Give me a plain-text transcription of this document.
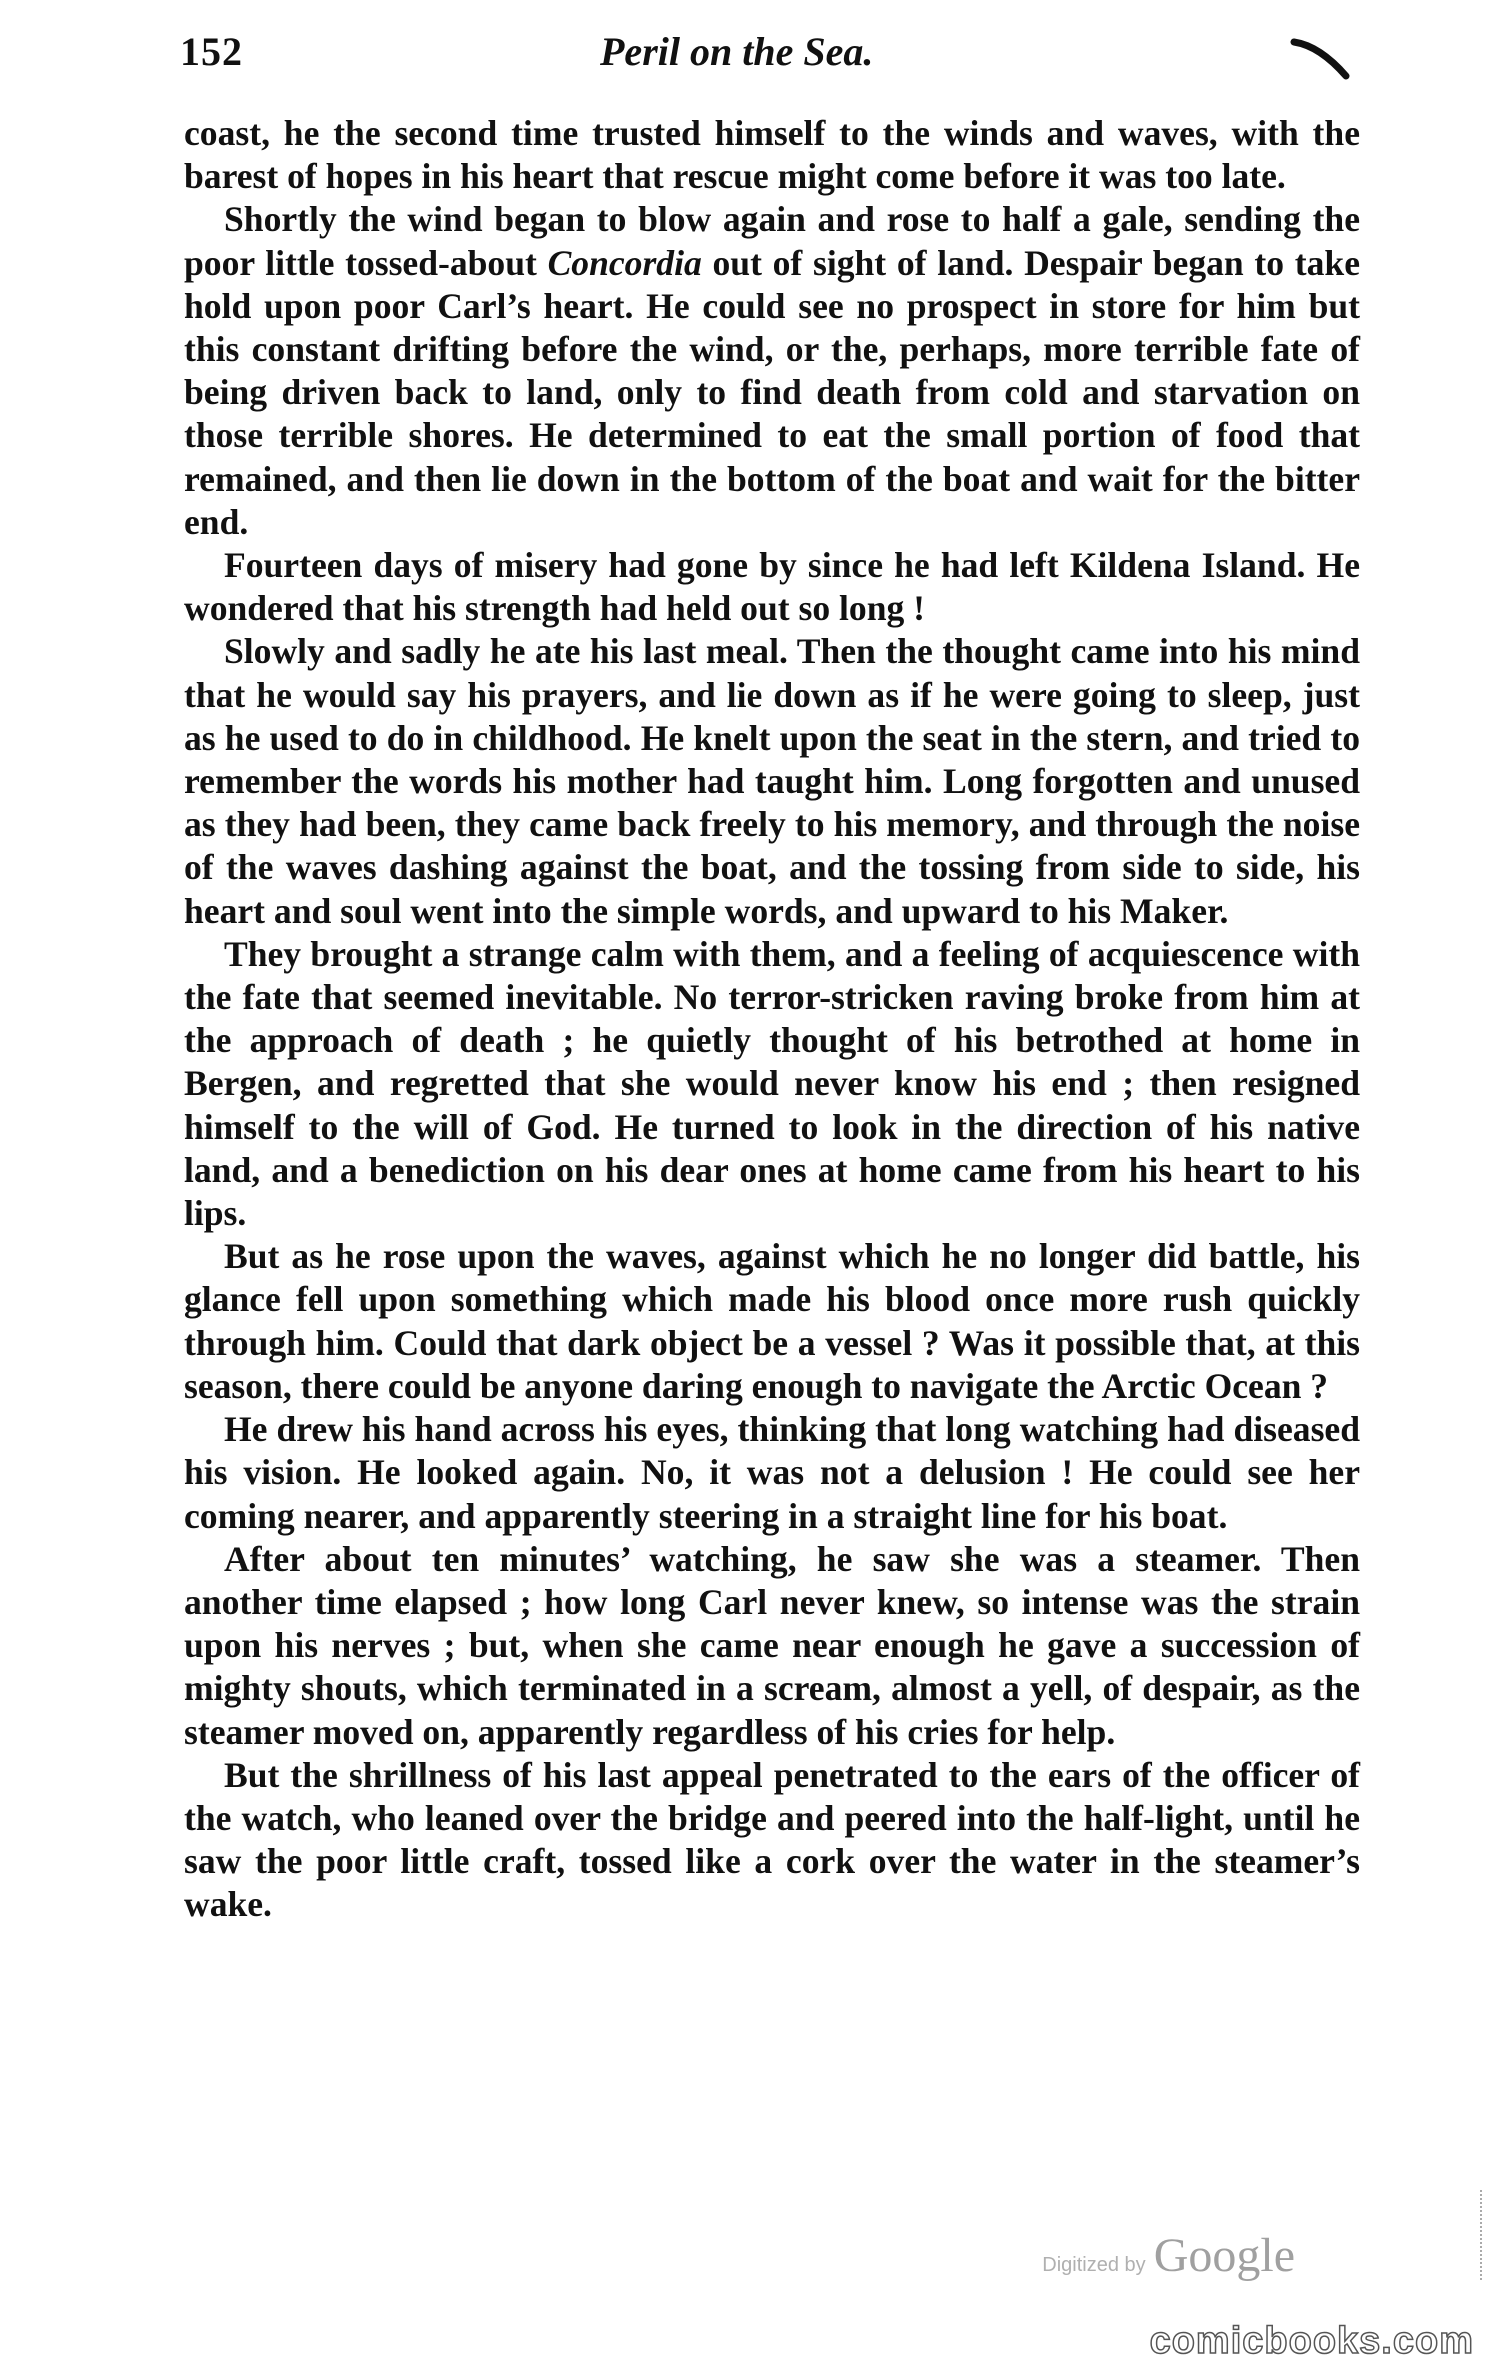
152	Peril on the Sea.

coast, he the second time trusted himself to the winds and waves, with the barest of hopes in his heart that rescue might come before it was too late.

Shortly the wind began to blow again and rose to half a gale, sending the poor little tossed-about Concordia out of sight of land. Despair began to take hold upon poor Carl’s heart. He could see no prospect in store for him but this constant drifting before the wind, or the, perhaps, more terrible fate of being driven back to land, only to find death from cold and starvation on those terrible shores. He determined to eat the small portion of food that remained, and then lie down in the bottom of the boat and wait for the bitter end.

Fourteen days of misery had gone by since he had left Kildena Island. He wondered that his strength had held out so long !

Slowly and sadly he ate his last meal. Then the thought came into his mind that he would say his prayers, and lie down as if he were going to sleep, just as he used to do in childhood. He knelt upon the seat in the stern, and tried to remember the words his mother had taught him. Long forgotten and unused as they had been, they came back freely to his memory, and through the noise of the waves dashing against the boat, and the tossing from side to side, his heart and soul went into the simple words, and upward to his Maker.

They brought a strange calm with them, and a feeling of acquiescence with the fate that seemed inevitable. No terror-stricken raving broke from him at the approach of death ; he quietly thought of his betrothed at home in Bergen, and regretted that she would never know his end ; then resigned himself to the will of God. He turned to look in the direction of his native land, and a benediction on his dear ones at home came from his heart to his lips.

But as he rose upon the waves, against which he no longer did battle, his glance fell upon something which made his blood once more rush quickly through him. Could that dark object be a vessel ? Was it possible that, at this season, there could be anyone daring enough to navigate the Arctic Ocean ?

He drew his hand across his eyes, thinking that long watching had diseased his vision. He looked again. No, it was not a delusion ! He could see her coming nearer, and apparently steering in a straight line for his boat.

After about ten minutes’ watching, he saw she was a steamer. Then another time elapsed ; how long Carl never knew, so intense was the strain upon his nerves ; but, when she came near enough he gave a succession of mighty shouts, which terminated in a scream, almost a yell, of despair, as the steamer moved on, apparently regardless of his cries for help.

But the shrillness of his last appeal penetrated to the ears of the officer of the watch, who leaned over the bridge and peered into the half-light, until he saw the poor little craft, tossed like a cork over the water in the steamer’s wake.

Digitized by Google
comicbooks.com
